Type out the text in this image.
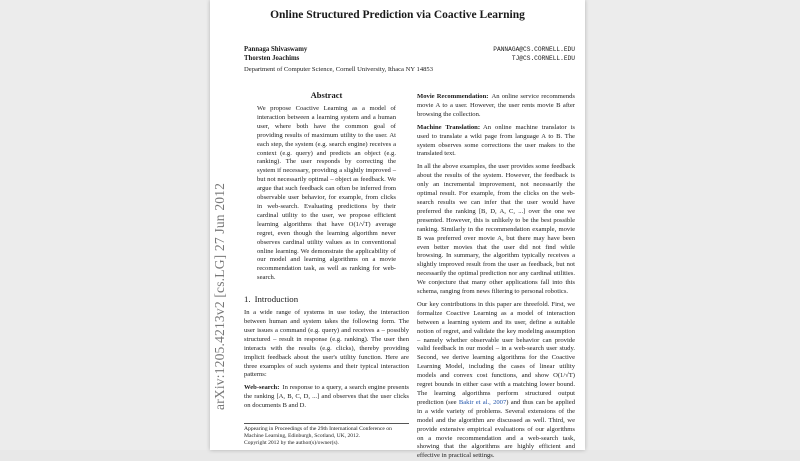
Online Structured Prediction via Coactive Learning
Pannaga Shivaswamy
Thorsten Joachims
PANNAGA@CS.CORNELL.EDU
TJ@CS.CORNELL.EDU
Department of Computer Science, Cornell University, Ithaca NY 14853
Abstract
We propose Coactive Learning as a model of interaction between a learning system and a human user, where both have the common goal of providing results of maximum utility to the user. At each step, the system (e.g. search engine) receives a context (e.g. query) and predicts an object (e.g. ranking). The user responds by correcting the system if necessary, providing a slightly improved – but not necessarily optimal – object as feedback. We argue that such feedback can often be inferred from observable user behavior, for example, from clicks in web-search. Evaluating predictions by their cardinal utility to the user, we propose efficient learning algorithms that have O(1/√T) average regret, even though the learning algorithm never observes cardinal utility values as in conventional online learning. We demonstrate the applicability of our model and learning algorithms on a movie recommendation task, as well as ranking for web-search.
1. Introduction

In a wide range of systems in use today, the interaction between human and system takes the following form. The user issues a command (e.g. query) and receives a – possibly structured – result in response (e.g. ranking). The user then interacts with the results (e.g. clicks), thereby providing implicit feedback about the user's utility function. Here are three examples of such systems and their typical interaction patterns:

Web-search: In response to a query, a search engine presents the ranking [A, B, C, D, ...] and observes that the user clicks on documents B and D.
Movie Recommendation: An online service recommends movie A to a user. However, the user rents movie B after browsing the collection.
Machine Translation: An online machine translator is used to translate a wiki page from language A to B. The system observes some corrections the user makes to the translated text.

In all the above examples, the user provides some feedback about the results of the system. However, the feedback is only an incremental improvement, not necessarily the optimal result. For example, from the clicks on the web-search results we can infer that the user would have preferred the ranking [B, D, A, C, ...] over the one we presented. However, this is unlikely to be the best possible ranking. Similarly in the recommendation example, movie B was preferred over movie A, but there may have been even better movies that the user did not find while browsing. In summary, the algorithm typically receives a slightly improved result from the user as feedback, but not necessarily the optimal prediction nor any cardinal utilities. We conjecture that many other applications fall into this schema, ranging from news filtering to personal robotics.

Our key contributions in this paper are threefold. First, we formalize Coactive Learning as a model of interaction between a learning system and its user, define a suitable notion of regret, and validate the key modeling assumption – namely whether observable user behavior can provide valid feedback in our model – in a web-search user study. Second, we derive learning algorithms for the Coactive Learning Model, including the cases of linear utility models and convex cost functions, and show O(1/√T) regret bounds in either case with a matching lower bound. The learning algorithms perform structured output prediction (see Bakir et al., 2007) and thus can be applied in a wide variety of problems. Several extensions of the model and the algorithm are discussed as well. Third, we provide extensive empirical evaluations of our algorithms on a movie recommendation and a web-search task, showing that the algorithms are highly efficient and effective in practical settings.

Appearing in Proceedings of the 29th International Conference on Machine Learning, Edinburgh, Scotland, UK, 2012.
Copyright 2012 by the author(s)/owner(s).
arXiv:1205.4213v2 [cs.LG] 27 Jun 2012
